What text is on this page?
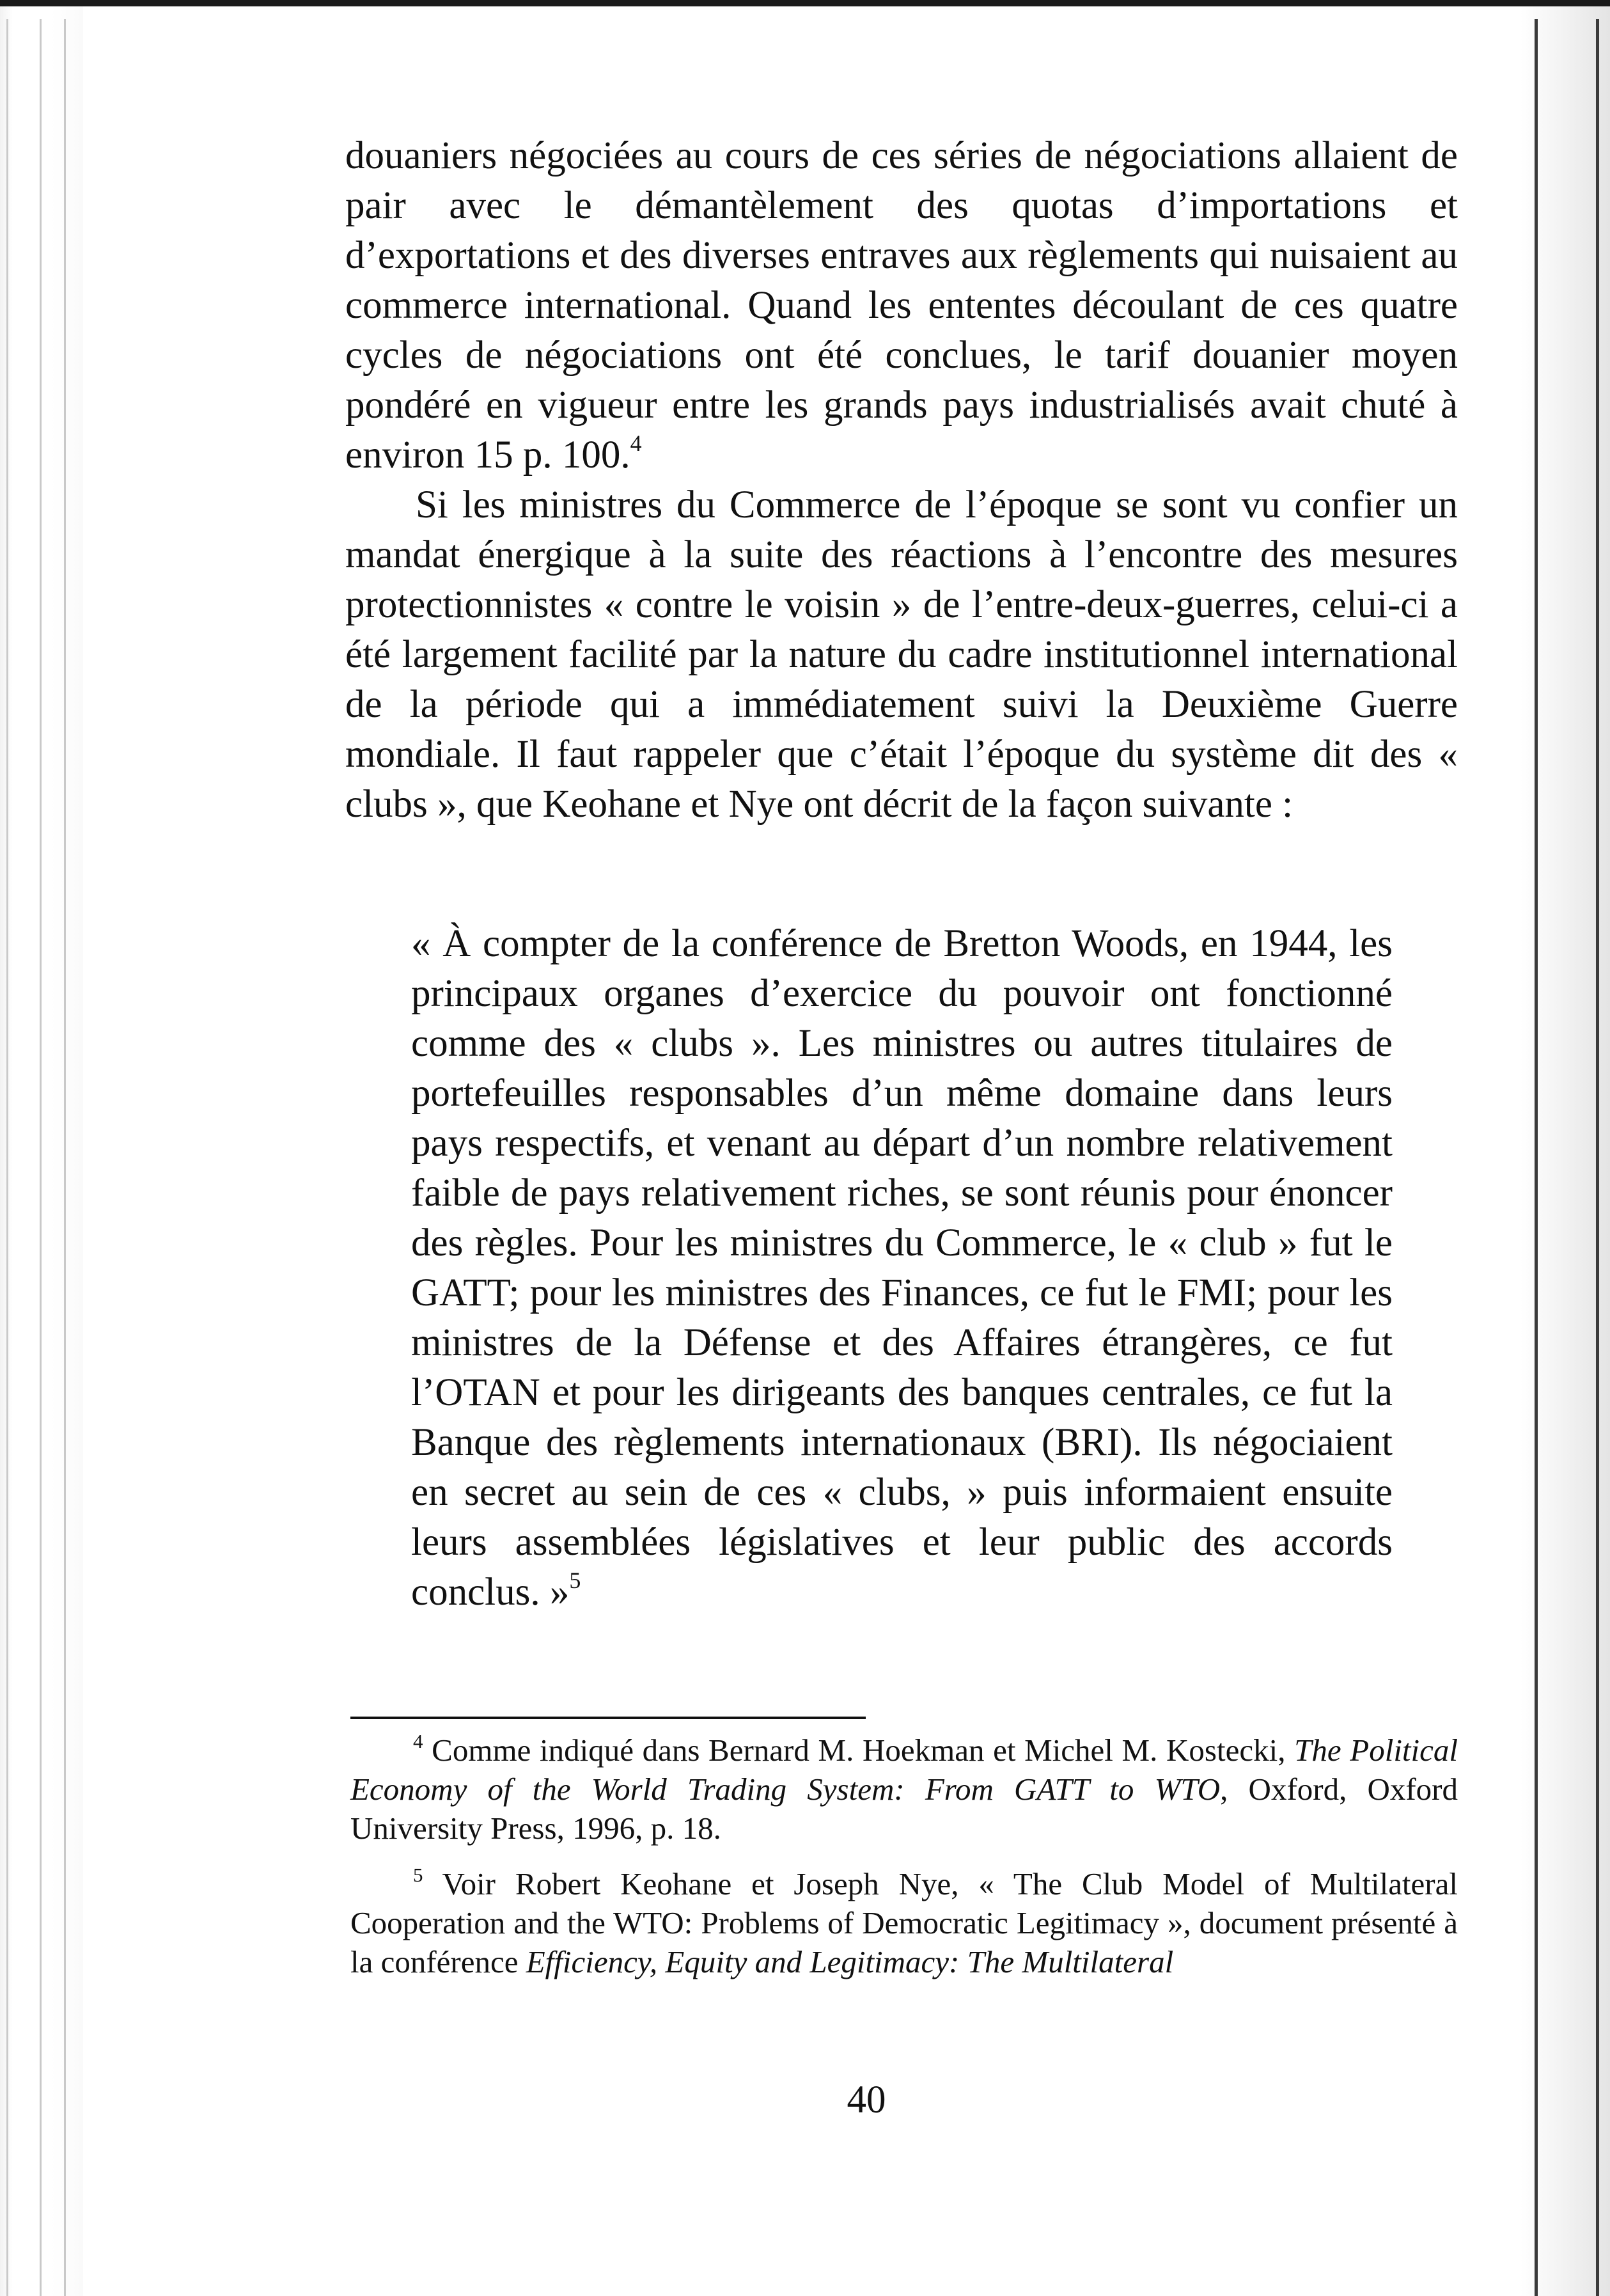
douaniers négociées au cours de ces séries de négociations allaient de pair avec le démantèlement des quotas d’importations et d’exportations et des diverses entraves aux règlements qui nuisaient au commerce international. Quand les ententes découlant de ces quatre cycles de négociations ont été conclues, le tarif douanier moyen pondéré en vigueur entre les grands pays industrialisés avait chuté à environ 15 p. 100.$^4$

Si les ministres du Commerce de l’époque se sont vu confier un mandat énergique à la suite des réactions à l’encontre des mesures protectionnistes « contre le voisin » de l’entre-deux-guerres, celui-ci a été largement facilité par la nature du cadre institutionnel international de la période qui a immédiatement suivi la Deuxième Guerre mondiale. Il faut rappeler que c’était l’époque du système dit des « clubs », que Keohane et Nye ont décrit de la façon suivante :

« À compter de la conférence de Bretton Woods, en 1944, les principaux organes d’exercice du pouvoir ont fonctionné comme des « clubs ». Les ministres ou autres titulaires de portefeuilles responsables d’un même domaine dans leurs pays respectifs, et venant au départ d’un nombre relativement faible de pays relativement riches, se sont réunis pour énoncer des règles. Pour les ministres du Commerce, le « club » fut le GATT; pour les ministres des Finances, ce fut le FMI; pour les ministres de la Défense et des Affaires étrangères, ce fut l’OTAN et pour les dirigeants des banques centrales, ce fut la Banque des règlements internationaux (BRI). Ils négociaient en secret au sein de ces « clubs, » puis informaient ensuite leurs assemblées législatives et leur public des accords conclus. »$^5$

$^4$ Comme indiqué dans Bernard M. Hoekman et Michel M. Kostecki, The Political Economy of the World Trading System: From GATT to WTO, Oxford, Oxford University Press, 1996, p. 18.

$^5$ Voir Robert Keohane et Joseph Nye, « The Club Model of Multilateral Cooperation and the WTO: Problems of Democratic Legitimacy », document présenté à la conférence Efficiency, Equity and Legitimacy: The Multilateral

40
